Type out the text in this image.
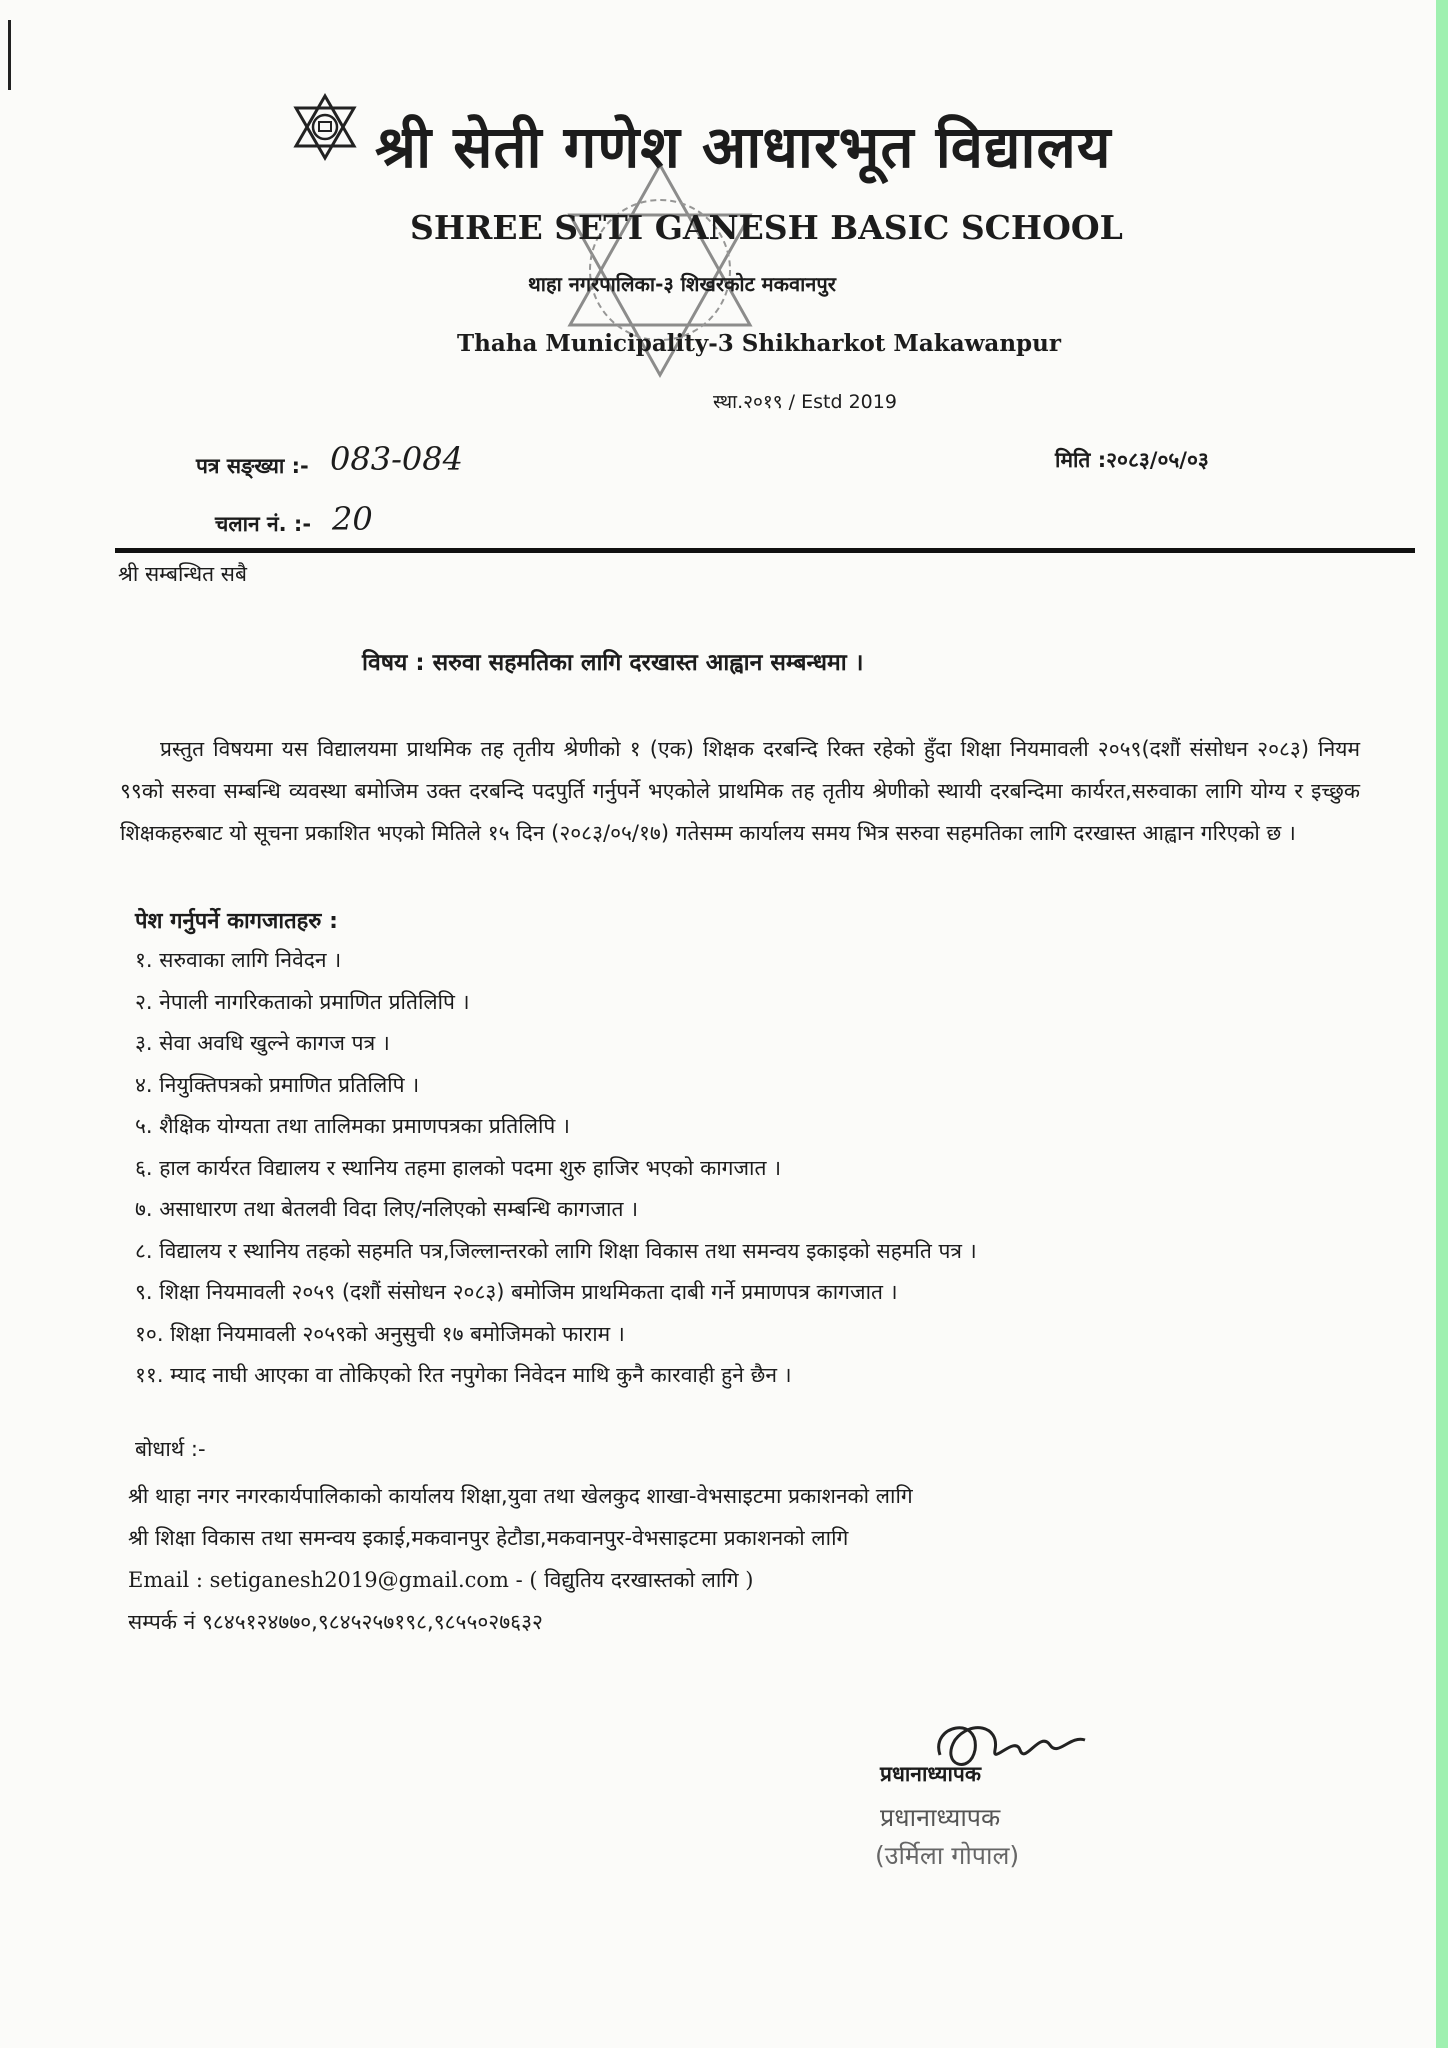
श्री सेती गणेश आधारभूत विद्यालय
SHREE SETI GANESH BASIC SCHOOL
थाहा नगरपालिका-३ शिखरकोट मकवानपुर
Thaha Municipality-3 Shikharkot Makawanpur
स्था.२०१९ / Estd 2019
पत्र सङ्ख्या :- 083-084	मिति :२०८३/०५/०३
चलान नं. :- 20
श्री सम्बन्धित सबै
विषय : सरुवा सहमतिका लागि दरखास्त आह्वान सम्बन्धमा ।

प्रस्तुत विषयमा यस विद्यालयमा प्राथमिक तह तृतीय श्रेणीको १ (एक) शिक्षक दरबन्दि रिक्त रहेको हुँदा शिक्षा नियमावली २०५९(दशौं संसोधन २०८३) नियम ९९को सरुवा सम्बन्धि व्यवस्था बमोजिम उक्त दरबन्दि पदपुर्ति गर्नुपर्ने भएकोले प्राथमिक तह तृतीय श्रेणीको स्थायी दरबन्दिमा कार्यरत,सरुवाका लागि योग्य र इच्छुक शिक्षकहरुबाट यो सूचना प्रकाशित भएको मितिले १५ दिन (२०८३/०५/१७) गतेसम्म कार्यालय समय भित्र सरुवा सहमतिका लागि दरखास्त आह्वान गरिएको छ ।

पेश गर्नुपर्ने कागजातहरु :
१. सरुवाका लागि निवेदन ।
२. नेपाली नागरिकताको प्रमाणित प्रतिलिपि ।
३. सेवा अवधि खुल्ने कागज पत्र ।
४. नियुक्तिपत्रको प्रमाणित प्रतिलिपि ।
५. शैक्षिक योग्यता तथा तालिमका प्रमाणपत्रका प्रतिलिपि ।
६. हाल कार्यरत विद्यालय र स्थानिय तहमा हालको पदमा शुरु हाजिर भएको कागजात ।
७. असाधारण तथा बेतलवी विदा लिए/नलिएको सम्बन्धि कागजात ।
८. विद्यालय र स्थानिय तहको सहमति पत्र,जिल्लान्तरको लागि शिक्षा विकास तथा समन्वय इकाइको सहमति पत्र ।
९. शिक्षा नियमावली २०५९ (दशौं संसोधन २०८३) बमोजिम प्राथमिकता दाबी गर्ने प्रमाणपत्र कागजात ।
१०. शिक्षा नियमावली २०५९को अनुसुची १७ बमोजिमको फाराम ।
११. म्याद नाघी आएका वा तोकिएको रित नपुगेका निवेदन माथि कुनै कारवाही हुने छैन ।
बोधार्थ :-
श्री थाहा नगर नगरकार्यपालिकाको कार्यालय शिक्षा,युवा तथा खेलकुद शाखा-वेभसाइटमा प्रकाशनको लागि
श्री शिक्षा विकास तथा समन्वय इकाई,मकवानपुर हेटौडा,मकवानपुर-वेभसाइटमा प्रकाशनको लागि
Email : setiganesh2019@gmail.com - ( विद्युतिय दरखास्तको लागि )
सम्पर्क नं ९८४५१२४७७०,९८४५२५७१९८,९८५५०२७६३२
प्रधानाध्यापक
प्रधानाध्यापक
(उर्मिला गोपाल)
